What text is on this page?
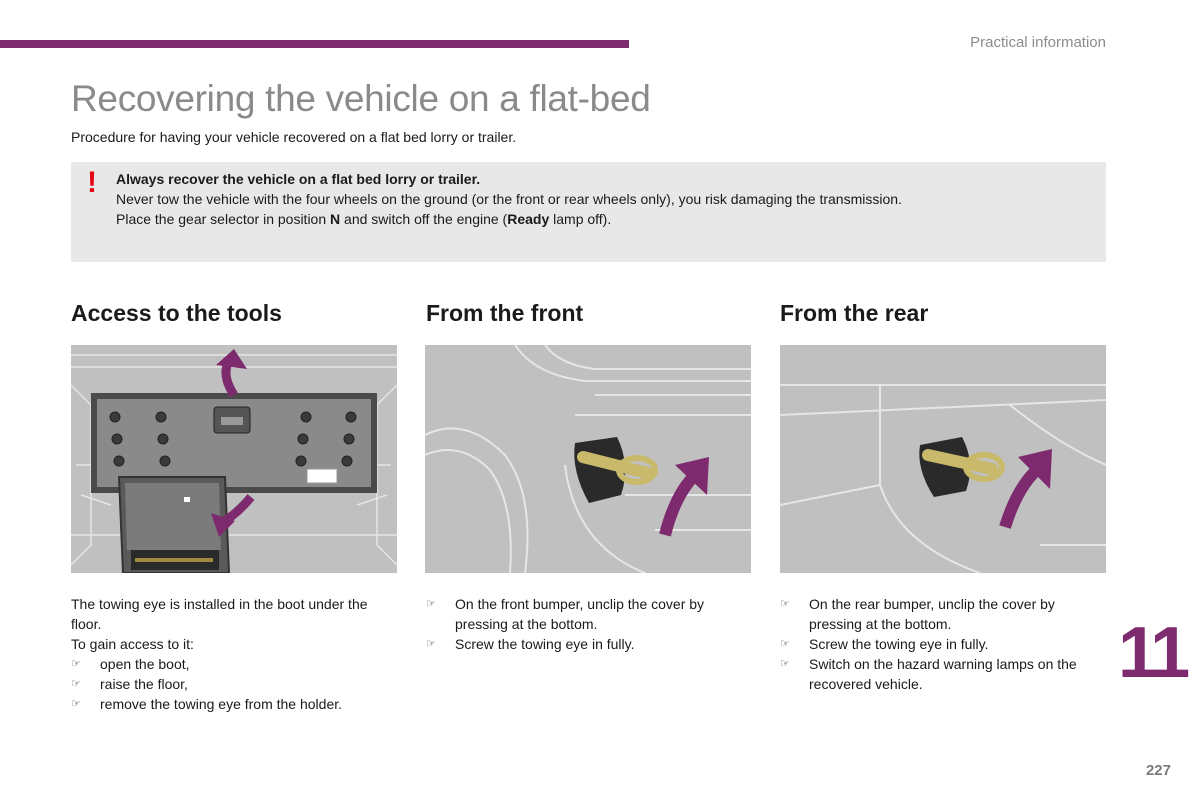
Practical information
Recovering the vehicle on a flat-bed
Procedure for having your vehicle recovered on a flat bed lorry or trailer.
! Always recover the vehicle on a flat bed lorry or trailer.
Never tow the vehicle with the four wheels on the ground (or the front or rear wheels only), you risk damaging the transmission.
Place the gear selector in position N and switch off the engine (Ready lamp off).
Access to the tools

The towing eye is installed in the boot under the floor.

To gain access to it:

☞ open the boot,
☞ raise the floor,
☞ remove the towing eye from the holder.
From the front
☞ On the front bumper, unclip the cover by pressing at the bottom.
☞ Screw the towing eye in fully.
From the rear
☞ On the rear bumper, unclip the cover by pressing at the bottom.
☞ Screw the towing eye in fully.
☞ Switch on the hazard warning lamps on the recovered vehicle.	11
227
